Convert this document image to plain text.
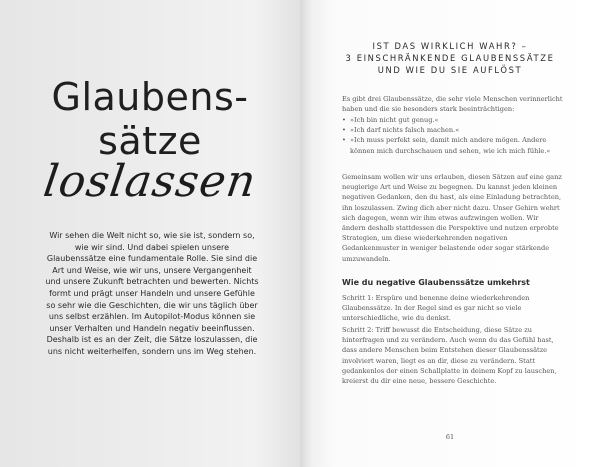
Glaubens-
sätze
loslassen

Wir sehen die Welt nicht so, wie sie ist, sondern so, wie wir sind. Und dabei spielen unsere Glaubenssätze eine fundamentale Rolle. Sie sind die Art und Weise, wie wir uns, unsere Vergangenheit und unsere Zukunft betrachten und bewerten. Nichts formt und prägt unser Handeln und unsere Gefühle so sehr wie die Geschichten, die wir uns täglich über uns selbst erzählen. Im Autopilot-Modus können sie unser Verhalten und Handeln negativ beeinflussen. Deshalb ist es an der Zeit, die Sätze loszulassen, die uns nicht weiterhelfen, sondern uns im Weg stehen.

IST DAS WIRKLICH WAHR? –
3 EINSCHRÄNKENDE GLAUBENSSÄTZE
UND WIE DU SIE AUFLÖST

Es gibt drei Glaubenssätze, die sehr viele Menschen verinnerlicht haben und die sie besonders stark beeinträchtigen:

• »Ich bin nicht gut genug.«
• »Ich darf nichts falsch machen.«
• »Ich muss perfekt sein, damit mich andere mögen. Andere können mich durchschauen und sehen, wie ich mich fühle.«

Gemeinsam wollen wir uns erlauben, diesen Sätzen auf eine ganz neugierige Art und Weise zu begegnen. Du kannst jeden kleinen negativen Gedanken, den du hast, als eine Einladung betrachten, ihn loszulassen. Zwing dich aber nicht dazu. Unser Gehirn wehrt sich dagegen, wenn wir ihm etwas aufzwingen wollen. Wir ändern deshalb stattdessen die Perspektive und nutzen erprobte Strategien, um diese wiederkehrenden negativen Gedankenmuster in weniger belastende oder sogar stärkende umzuwandeln.

Wie du negative Glaubenssätze umkehrst

Schritt 1: Erspüre und benenne deine wiederkehrenden Glaubenssätze. In der Regel sind es gar nicht so viele unterschiedliche, wie du denkst.

Schritt 2: Triff bewusst die Entscheidung, diese Sätze zu hinterfragen und zu verändern. Auch wenn du das Gefühl hast, dass andere Menschen beim Entstehen dieser Glaubenssätze involviert waren, liegt es an dir, diese zu verändern. Statt gedankenlos der einen Schallplatte in deinem Kopf zu lauschen, kreierst du dir eine neue, bessere Geschichte.

61
